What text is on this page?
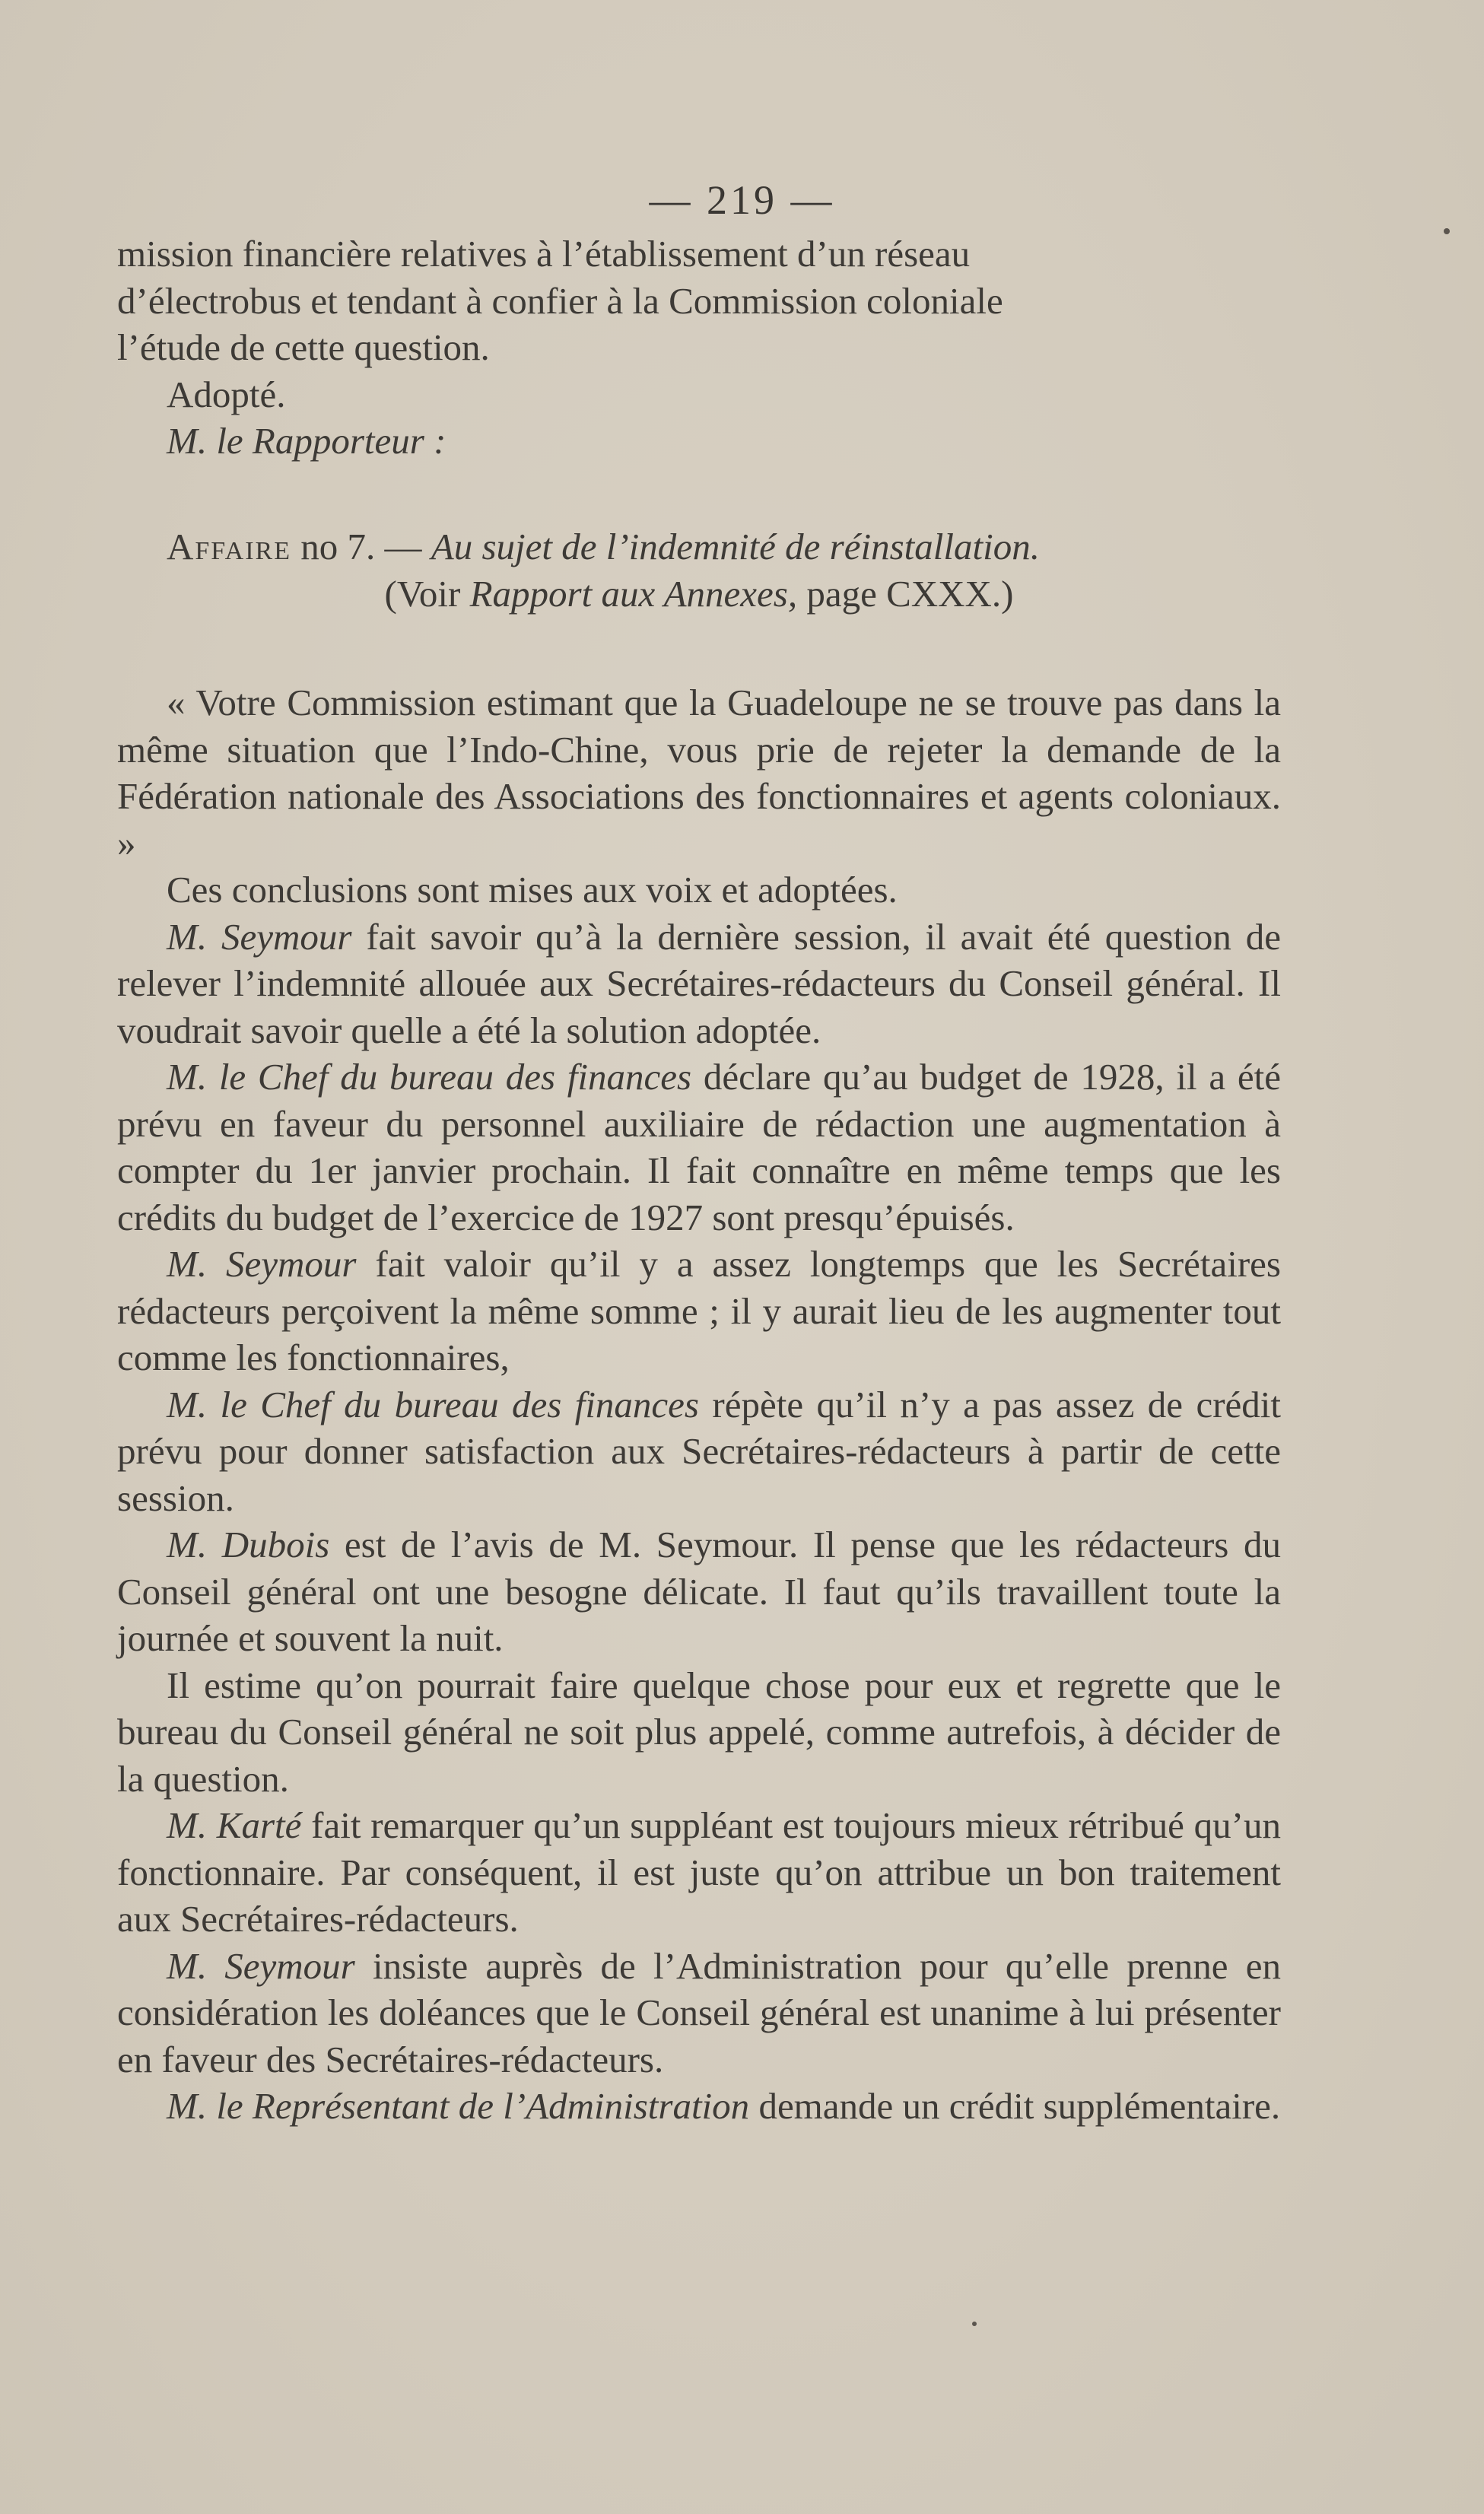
— 219 —

mission financière relatives à l’établissement d’un réseau

d’électrobus et tendant à confier à la Commission coloniale

l’étude de cette question.

Adopté.

M. le Rapporteur :

Affaire no 7. — Au sujet de l’indemnité de réinstallation.

(Voir Rapport aux Annexes, page CXXX.)

« Votre Commission estimant que la Guadeloupe ne se trouve pas dans la même situation que l’Indo-Chine, vous prie de rejeter la demande de la Fédération nationale des Associations des fonctionnaires et agents coloniaux. »

Ces conclusions sont mises aux voix et adoptées.

M. Seymour fait savoir qu’à la dernière session, il avait été question de relever l’indemnité allouée aux Secrétaires-rédacteurs du Conseil général. Il voudrait savoir quelle a été la solution adoptée.

M. le Chef du bureau des finances déclare qu’au budget de 1928, il a été prévu en faveur du personnel auxiliaire de rédaction une augmentation à compter du 1er janvier prochain. Il fait connaître en même temps que les crédits du budget de l’exercice de 1927 sont presqu’épuisés.

M. Seymour fait valoir qu’il y a assez longtemps que les Secrétaires rédacteurs perçoivent la même somme ; il y aurait lieu de les augmenter tout comme les fonctionnaires,

M. le Chef du bureau des finances répète qu’il n’y a pas assez de crédit prévu pour donner satisfaction aux Secrétaires-rédacteurs à partir de cette session.

M. Dubois est de l’avis de M. Seymour. Il pense que les rédacteurs du Conseil général ont une besogne délicate. Il faut qu’ils travaillent toute la journée et souvent la nuit.

Il estime qu’on pourrait faire quelque chose pour eux et regrette que le bureau du Conseil général ne soit plus appelé, comme autrefois, à décider de la question.

M. Karté fait remarquer qu’un suppléant est toujours mieux rétribué qu’un fonctionnaire. Par conséquent, il est juste qu’on attribue un bon traitement aux Secrétaires-rédacteurs.

M. Seymour insiste auprès de l’Administration pour qu’elle prenne en considération les doléances que le Conseil général est unanime à lui présenter en faveur des Secrétaires-rédacteurs.

M. le Représentant de l’Administration demande un crédit supplémentaire.
